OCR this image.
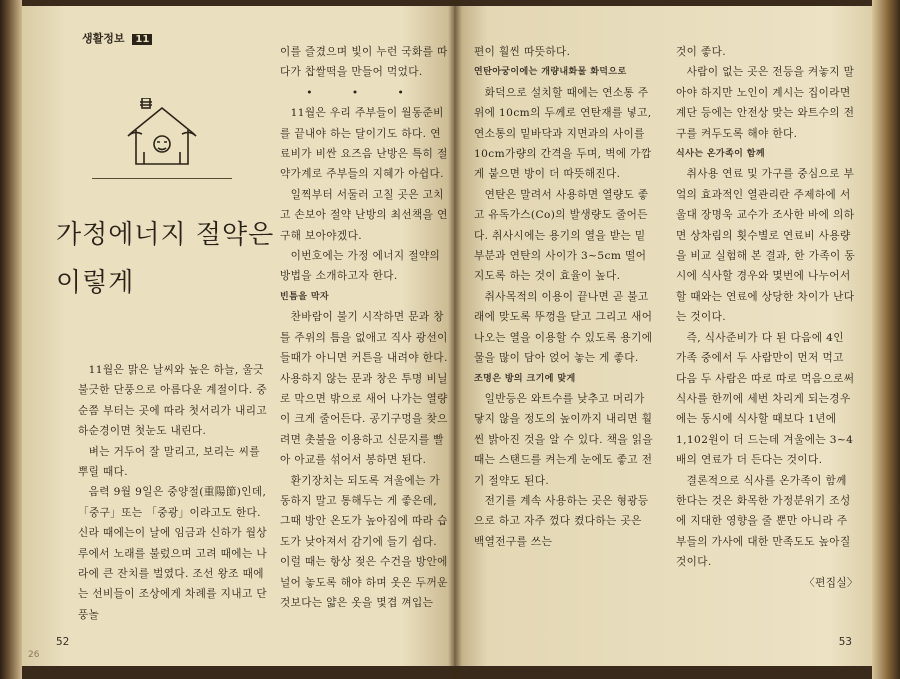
생활정보 11
가정에너지 절약은
이렇게

11월은 맑은 날씨와 높은 하늘, 울긋불긋한 단풍으로 아름다운 계절이다. 중순쯤 부터는 곳에 따라 첫서리가 내리고 하순경이면 첫눈도 내린다.

벼는 거두어 잘 말리고, 보리는 씨를 뿌릴 때다.

음력 9월 9일은 중양절(重陽節)인데, 「중구」또는 「중광」이라고도 한다. 신라 때에는이 날에 임금과 신하가 월상루에서 노래를 불렀으며 고려 때에는 나라에 큰 잔치를 벌였다. 조선 왕조 때에는 선비들이 조상에게 차례를 지내고 단풍놀

이를 즐겼으며 빛이 누런 국화를 따다가 찹쌀떡을 만들어 먹었다.

• • •

11월은 우리 주부들이 월동준비를 끝내야 하는 달이기도 하다. 연료비가 비싼 요즈음 난방은 특히 절약가계로 주부들의 지혜가 아쉽다.

일찍부터 서둘러 고칠 곳은 고치고 손보아 절약 난방의 최선책을 연구해 보아야겠다.

이번호에는 가정 에너지 절약의 방법을 소개하고자 한다.

빈틈을 막자

찬바람이 불기 시작하면 문과 창틀 주위의 틈을 없애고 직사 광선이 들때가 아니면 커튼을 내려야 한다. 사용하지 않는 문과 창은 투명 비닐로 막으면 밖으로 새어 나가는 열량이 크게 줄어든다. 공기구멍을 찾으려면 촛불을 이용하고 신문지를 빨아 아교를 섞어서 봉하면 된다.

환기장치는 되도록 겨울에는 가동하지 말고 통해두는 게 좋은데, 그때 방안 온도가 높아짐에 따라 습도가 낮아져서 감기에 들기 쉽다. 이럴 때는 항상 젖은 수건을 방안에 널어 놓도록 해야 하며 옷은 두꺼운 것보다는 얇은 옷을 몇겹 껴입는

52
26

편이 훨씬 따뜻하다.

연탄아궁이에는 개량내화물 화덕으로

화덕으로 설치할 때에는 연소통 주위에 10cm의 두께로 연탄재를 넣고, 연소통의 밑바닥과 지면과의 사이를 10cm가량의 간격을 두며, 벽에 가깝게 붙으면 방이 더 따뜻해진다.

연탄은 말려서 사용하면 열량도 좋고 유독가스(Co)의 발생량도 줄어든다. 취사시에는 용기의 열을 받는 밑부분과 연탄의 사이가 3∼5cm 떨어지도록 하는 것이 효율이 높다.

취사목적의 이용이 끝나면 곧 불고래에 맞도록 뚜껑을 닫고 그리고 새어나오는 열을 이용할 수 있도록 용기에 물을 많이 담아 얹어 놓는 게 좋다.

조명은 방의 크기에 맞게

일반등은 와트수를 낮추고 머리가 닿지 않을 정도의 높이까지 내리면 훨씬 밝아진 것을 알 수 있다. 책을 읽을 때는 스탠드를 켜는게 눈에도 좋고 전기 절약도 된다.

전기를 계속 사용하는 곳은 형광등으로 하고 자주 껐다 켰다하는 곳은 백열전구를 쓰는

것이 좋다.

사람이 없는 곳은 전등을 켜놓지 말아야 하지만 노인이 계시는 집이라면 계단 등에는 안전상 맞는 와트수의 전구를 켜두도록 해야 한다.

식사는 온가족이 함께

취사용 연료 및 가구를 중심으로 부엌의 효과적인 열관리란 주제하에 서울대 장명욱 교수가 조사한 바에 의하면 상차림의 횟수별로 연료비 사용량을 비교 실험해 본 결과, 한 가족이 동시에 식사할 경우와 몇번에 나누어서 할 때와는 연료에 상당한 차이가 난다는 것이다.

즉, 식사준비가 다 된 다음에 4인 가족 중에서 두 사람만이 먼저 먹고 다음 두 사람은 따로 따로 먹음으로써 식사를 한끼에 세번 차리게 되는경우에는 동시에 식사할 때보다 1년에 1,102원이 더 드는데 겨울에는 3∼4배의 연료가 더 든다는 것이다.

결론적으로 식사를 온가족이 함께 한다는 것은 화목한 가정분위기 조성에 지대한 영향을 줄 뿐만 아니라 주부들의 가사에 대한 만족도도 높아질 것이다.

〈편집실〉

53
